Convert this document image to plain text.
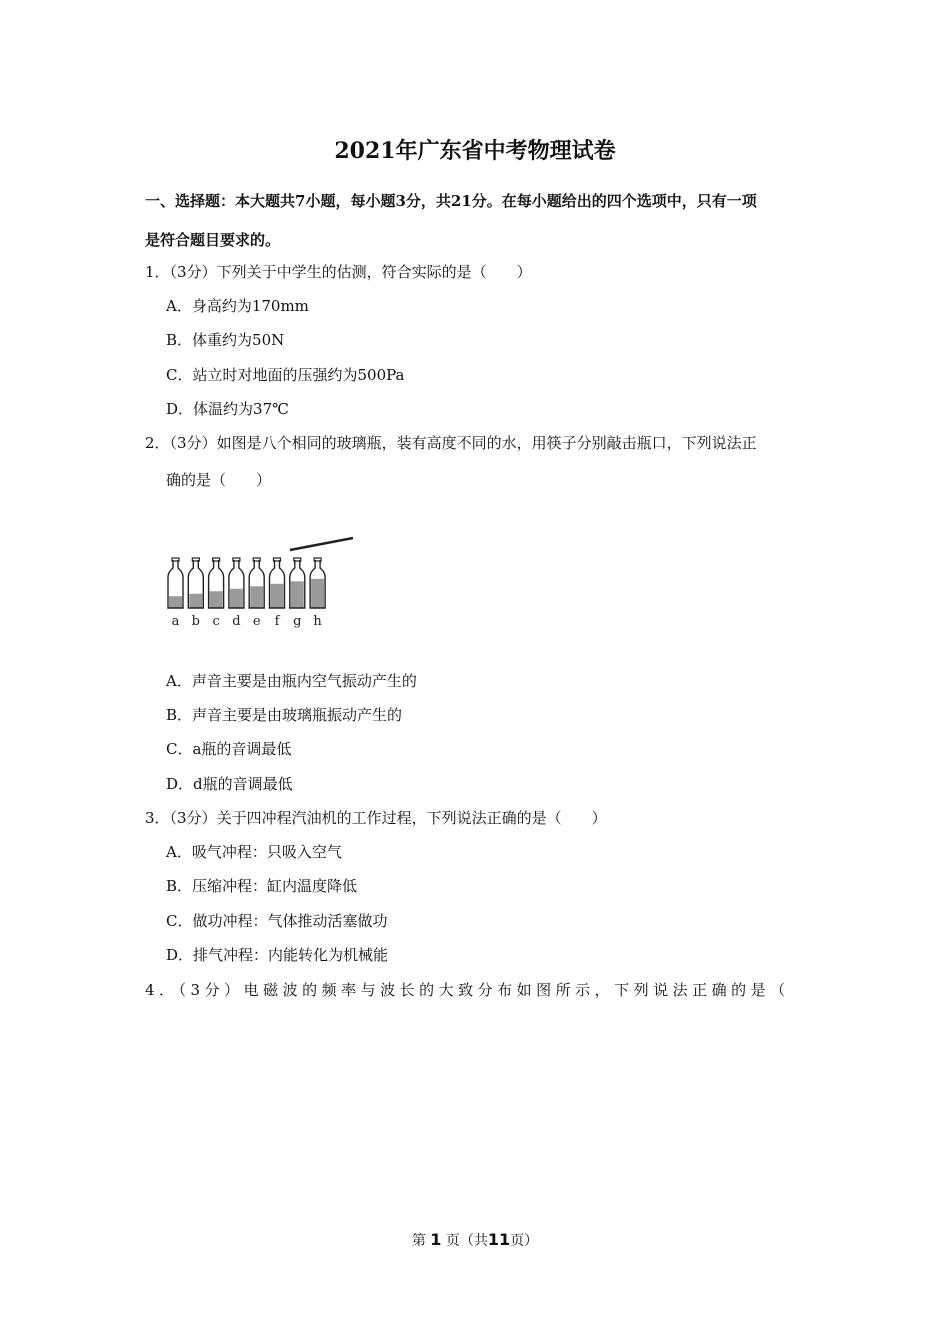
2021年广东省中考物理试卷
一、选择题：本大题共7小题，每小题3分，共21分。在每小题给出的四个选项中，只有一项
是符合题目要求的。
1．（3分）下列关于中学生的估测，符合实际的是（　　）
A．身高约为170mm
B．体重约为50N
C．站立时对地面的压强约为500Pa
D．体温约为37℃
2．（3分）如图是八个相同的玻璃瓶，装有高度不同的水，用筷子分别敲击瓶口，下列说法正
确的是（　　）
a b c d e f g h
A．声音主要是由瓶内空气振动产生的
B．声音主要是由玻璃瓶振动产生的
C．a瓶的音调最低
D．d瓶的音调最低
3．（3分）关于四冲程汽油机的工作过程，下列说法正确的是（　　）
A．吸气冲程：只吸入空气
B．压缩冲程：缸内温度降低
C．做功冲程：气体推动活塞做功
D．排气冲程：内能转化为机械能
4．（3分）电磁波的频率与波长的大致分布如图所示，下列说法正确的是（
第 1 页（共11页）
